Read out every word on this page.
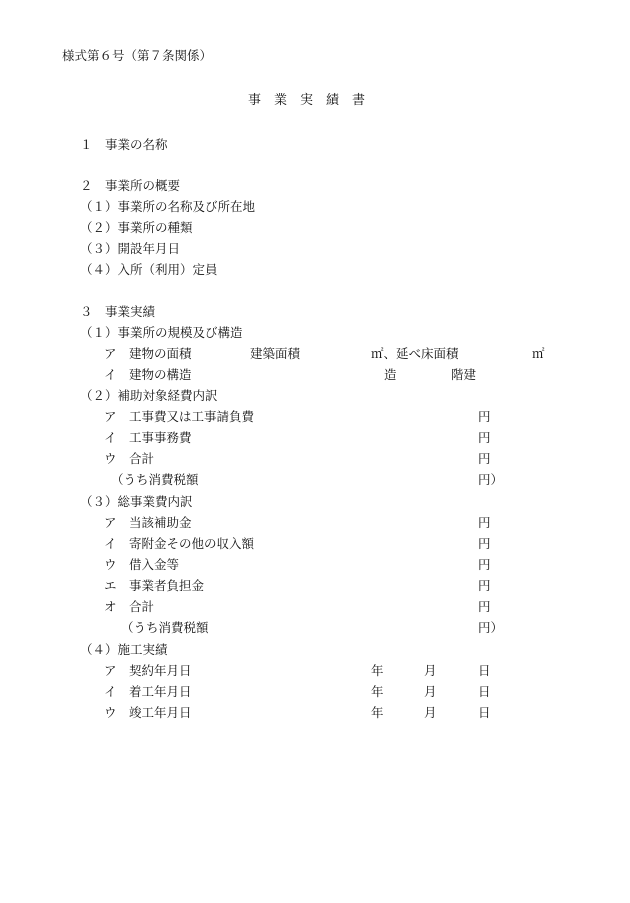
様式第６号（第７条関係）
事　業　実　績　書
１　事業の名称
２　事業所の概要
（１）事業所の名称及び所在地
（２）事業所の種類
（３）開設年月日
（４）入所（利用）定員
３　事業実績
（１）事業所の規模及び構造
ア　建物の面積	建築面積	㎡、延べ床面積	㎡
イ　建物の構造	造	階建
（２）補助対象経費内訳
ア　工事費又は工事請負費	円
イ　工事事務費	円
ウ　合計	円
（うち消費税額	円）
（３）総事業費内訳
ア　当該補助金	円
イ　寄附金その他の収入額	円
ウ　借入金等	円
エ　事業者負担金	円
オ　合計	円
（うち消費税額	円）
（４）施工実績
ア　契約年月日	年	月	日
イ　着工年月日	年	月	日
ウ　竣工年月日	年	月	日
